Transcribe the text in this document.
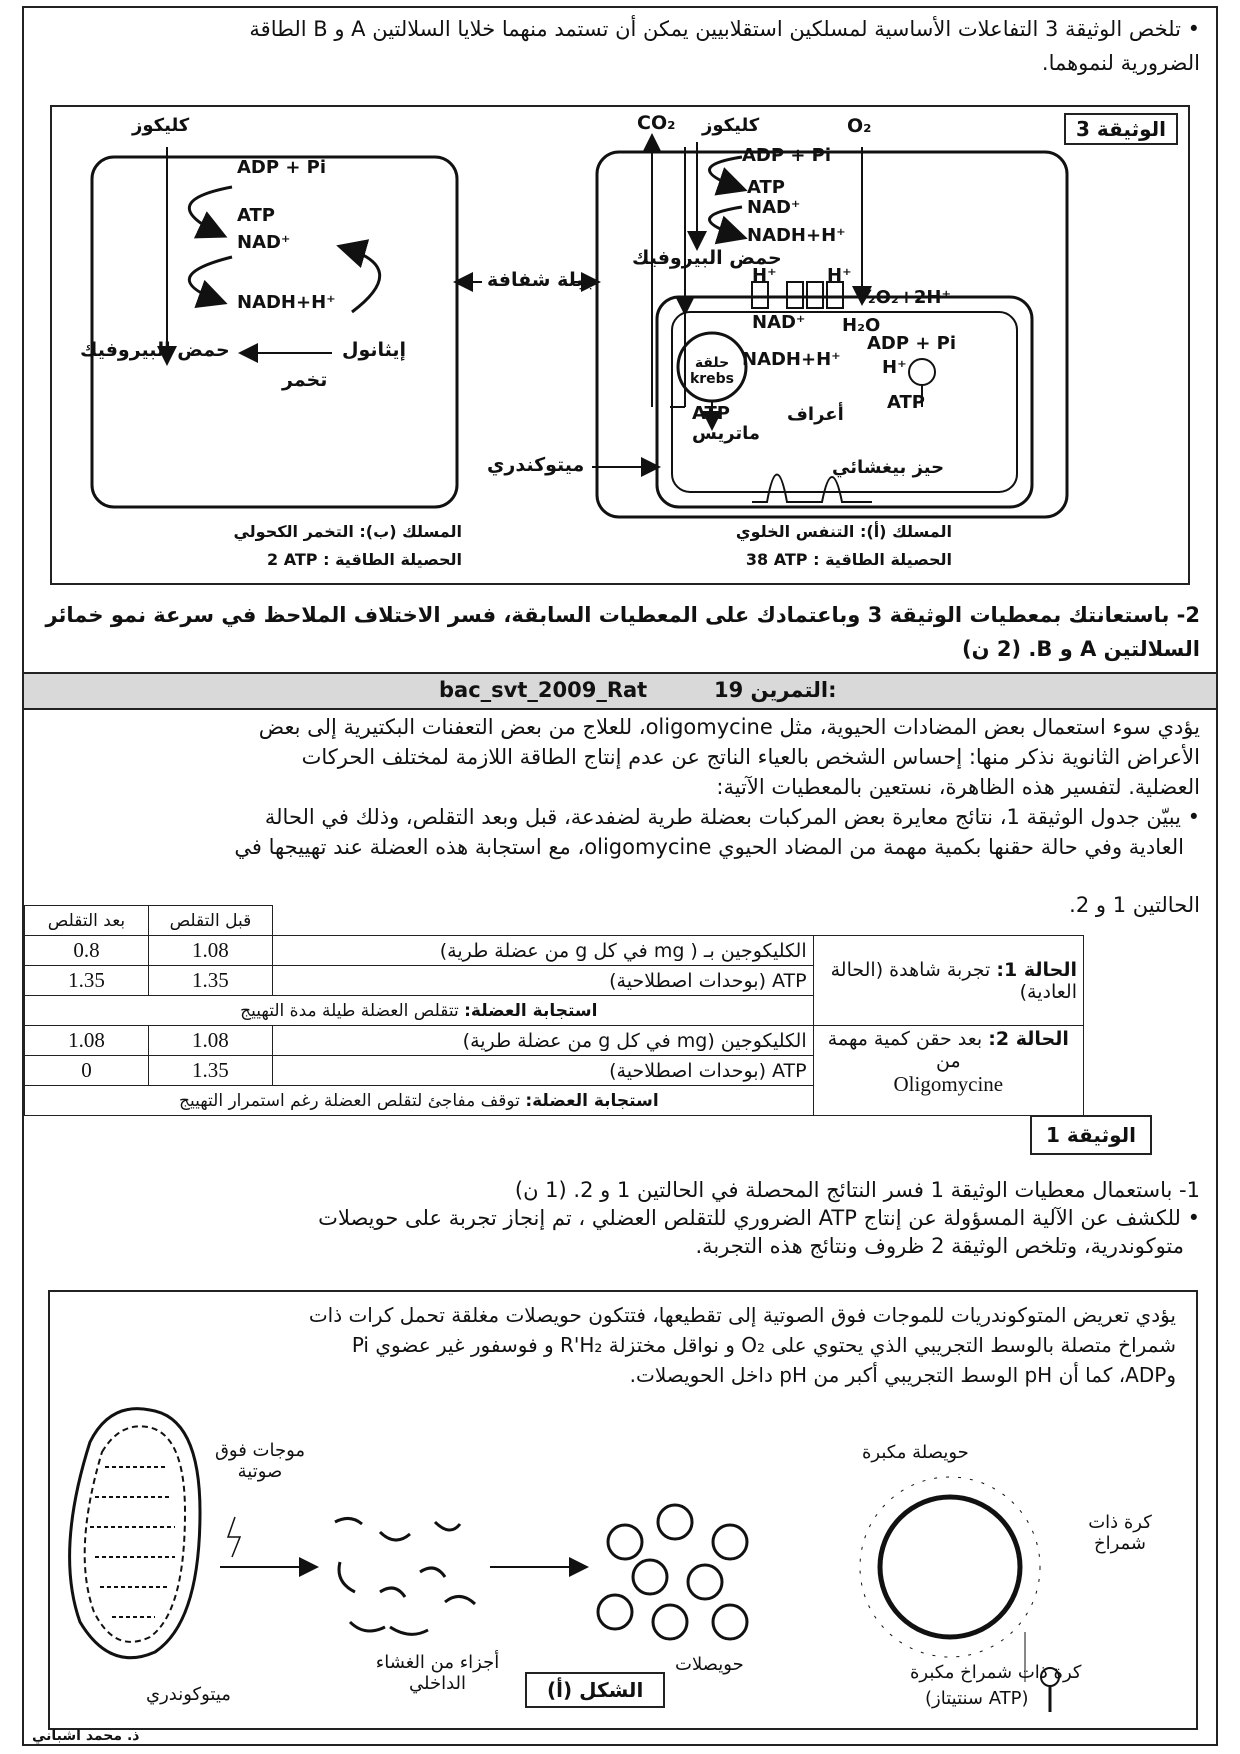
• تلخص الوثيقة 3 التفاعلات الأساسية لمسلكين استقلابيين يمكن أن تستمد منهما خلايا السلالتين A و B الطاقة
الضرورية لنموهما.
الوثيقة 3
كليكوز
ADP + Pi
ATP
NAD⁺
NADH+H⁺
حمض البيروفيك	إيثانول
تخمر
المسلك (ب): التخمر الكحولي
الحصيلة الطاقية : 2 ATP
جبلة شفافة
ميتوكندري
CO₂ كليكوز	O₂
ADP + Pi
ATP
NAD⁺
NADH+H⁺
حمض البيروفيك
H⁺	H⁺
½O₂+2H⁺
NAD⁺ H₂O
ADP + Pi
H⁺
حلقة krebs
NADH+H⁺
ATP
ATP
ماتريس
أعراف
حيز بيغشائي
المسلك (أ): التنفس الخلوي
الحصيلة الطاقية : 38 ATP
2- باستعانتك بمعطيات الوثيقة 3 وباعتمادك على المعطيات السابقة، فسر الاختلاف الملاحظ في سرعة نمو خمائر
السلالتين A و B. (2 ن)
التمرين 19:
bac_svt_2009_Rat
يؤدي سوء استعمال بعض المضادات الحيوية، مثل oligomycine، للعلاج من بعض التعفنات البكتيرية إلى بعض
الأعراض الثانوية نذكر منها: إحساس الشخص بالعياء الناتج عن عدم إنتاج الطاقة اللازمة لمختلف الحركات
العضلية. لتفسير هذه الظاهرة، نستعين بالمعطيات الآتية:
• يبيّن جدول الوثيقة 1، نتائج معايرة بعض المركبات بعضلة طرية لضفدعة، قبل وبعد التقلص، وذلك في الحالة
العادية وفي حالة حقنها بكمية مهمة من المضاد الحيوي oligomycine، مع استجابة هذه العضلة عند تهييجها في
الحالتين 1 و 2.
		قبل التقلص	بعد التقلص
الحالة 1: تجربة شاهدة (الحالة العادية)	الكليكوجين بـ ( mg في كل g من عضلة طرية)	1.08	0.8
	ATP (بوحدات اصطلاحية)	1.35	1.35
	استجابة العضلة: تتقلص العضلة طيلة مدة التهييج		
الحالة 2: بعد حقن كمية مهمة من
Oligomycine	الكليكوجين (mg في كل g من عضلة طرية)	1.08	1.08
	ATP (بوحدات اصطلاحية)	1.35	0
	استجابة العضلة: توقف مفاجئ لتقلص العضلة رغم استمرار التهييج		
الوثيقة 1
1- باستعمال معطيات الوثيقة 1 فسر النتائج المحصلة في الحالتين 1 و 2. (1 ن)
• للكشف عن الآلية المسؤولة عن إنتاج ATP الضروري للتقلص العضلي ، تم إنجاز تجربة على حويصلات
متوكوندرية، وتلخص الوثيقة 2 ظروف ونتائج هذه التجربة.
يؤدي تعريض المتوكوندريات للموجات فوق الصوتية إلى تقطيعها، فتتكون حويصلات مغلقة تحمل كرات ذات
شمراخ متصلة بالوسط التجريبي الذي يحتوي على O₂ و نواقل مختزلة R'H₂ و فوسفور غير عضوي Pi
وADP، كما أن pH الوسط التجريبي أكبر من pH داخل الحويصلات.
حويصلة مكبرة
موجات فوق صوتية
كرة ذات شمراخ
أجزاء من الغشاء الداخلي
حويصلات
ميتوكوندري
كرة ذات شمراخ مكبرة
(ATP سنتيتاز)
الشكل (أ)
ذ. محمد اشباني
